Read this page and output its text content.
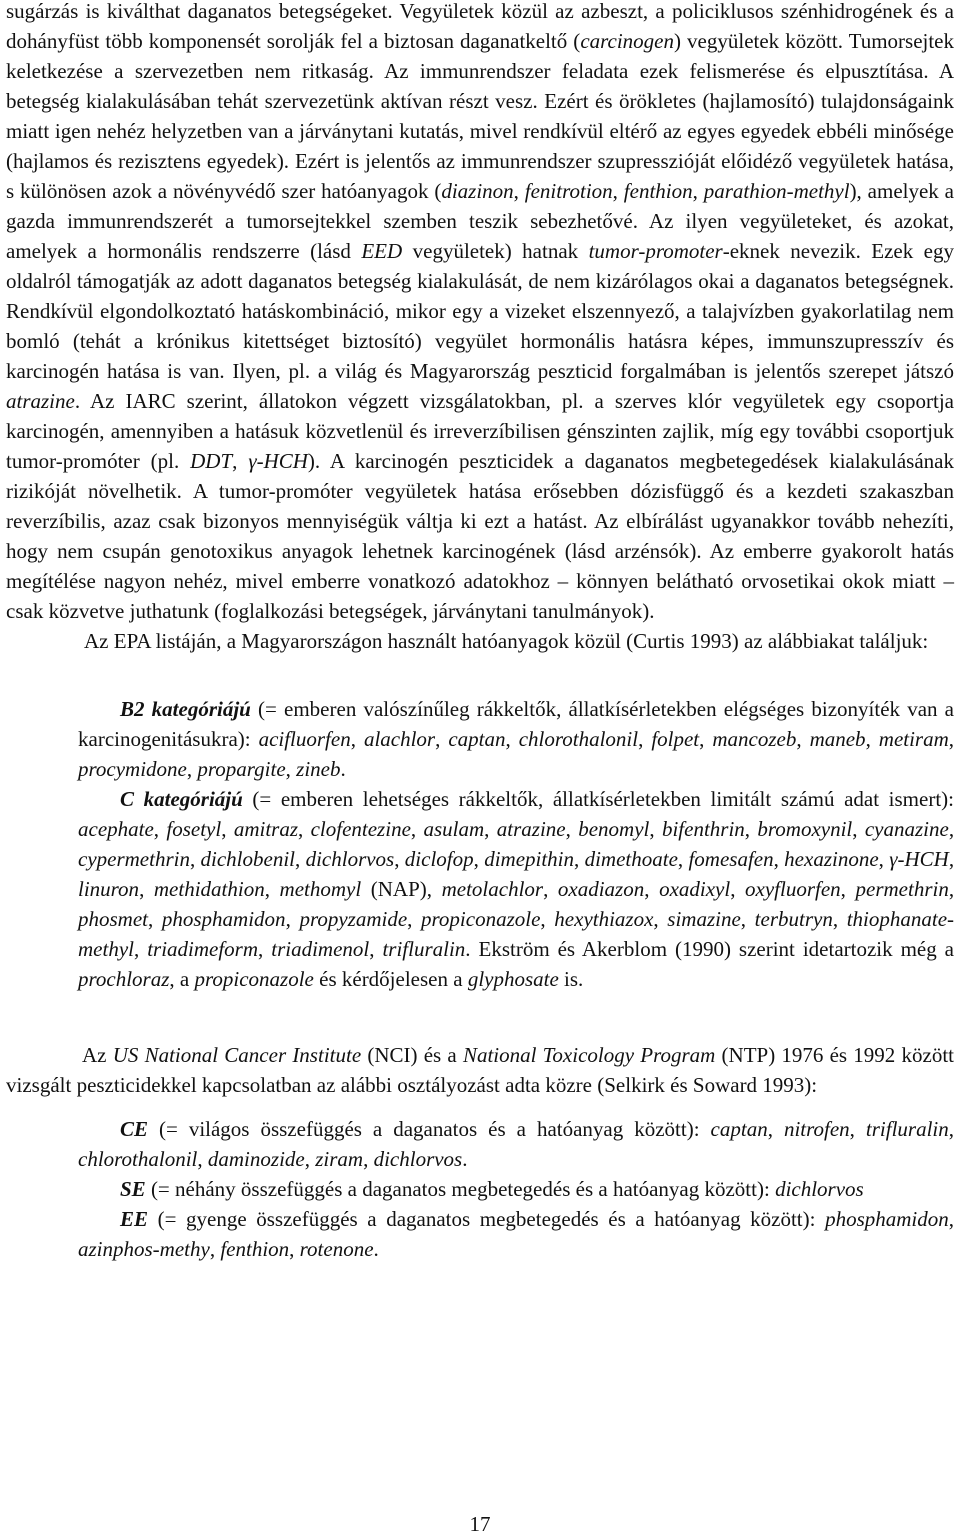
sugárzás is kiválthat daganatos betegségeket. Vegyületek közül az azbeszt, a policiklusos szénhidrogének és a dohányfüst több komponensét sorolják fel a biztosan daganatkeltő (carcinogen) vegyületek között. Tumorsejtek keletkezése a szervezetben nem ritkaság. Az immunrendszer feladata ezek felismerése és elpusztítása. A betegség kialakulásában tehát szervezetünk aktívan részt vesz. Ezért és örökletes (hajlamosító) tulajdonságaink miatt igen nehéz helyzetben van a járványtani kutatás, mivel rendkívül eltérő az egyes egyedek ebbéli minősége (hajlamos és rezisztens egyedek). Ezért is jelentős az immunrendszer szupresszióját előidéző vegyületek hatása, s különösen azok a növényvédő szer hatóanyagok (diazinon, fenitrotion, fenthion, parathion-methyl), amelyek a gazda immunrendszerét a tumorsejtekkel szemben teszik sebezhetővé. Az ilyen vegyületeket, és azokat, amelyek a hormonális rendszerre (lásd EED vegyületek) hatnak tumor-promoter-eknek nevezik. Ezek egy oldalról támogatják az adott daganatos betegség kialakulását, de nem kizárólagos okai a daganatos betegségnek. Rendkívül elgondolkoztató hatáskombináció, mikor egy a vizeket elszennyező, a talajvízben gyakorlatilag nem bomló (tehát a krónikus kitettséget biztosító) vegyület hormonális hatásra képes, immunszupresszív és karcinogén hatása is van. Ilyen, pl. a világ és Magyarország peszticid forgalmában is jelentős szerepet játszó atrazine. Az IARC szerint, állatokon végzett vizsgálatokban, pl. a szerves klór vegyületek egy csoportja karcinogén, amennyiben a hatásuk közvetlenül és irreverzíbilisen génszinten zajlik, míg egy további csoportjuk tumor-promóter (pl. DDT, γ-HCH). A karcinogén peszticidek a daganatos megbetegedések kialakulásának rizikóját növelhetik. A tumor-promóter vegyületek hatása erősebben dózisfüggő és a kezdeti szakaszban reverzíbilis, azaz csak bizonyos mennyiségük váltja ki ezt a hatást. Az elbírálást ugyanakkor tovább nehezíti, hogy nem csupán genotoxikus anyagok lehetnek karcinogének (lásd arzénsók). Az emberre gyakorolt hatás megítélése nagyon nehéz, mivel emberre vonatkozó adatokhoz – könnyen belátható orvosetikai okok miatt – csak közvetve juthatunk (foglalkozási betegségek, járványtani tanulmányok).

Az EPA listáján, a Magyarországon használt hatóanyagok közül (Curtis 1993) az alábbiakat találjuk:

B2 kategóriájú (= emberen valószínűleg rákkeltők, állatkísérletekben elégséges bizonyíték van a karcinogenitásukra): acifluorfen, alachlor, captan, chlorothalonil, folpet, mancozeb, maneb, metiram, procymidone, propargite, zineb.

C kategóriájú (= emberen lehetséges rákkeltők, állatkísérletekben limitált számú adat ismert): acephate, fosetyl, amitraz, clofentezine, asulam, atrazine, benomyl, bifenthrin, bromoxynil, cyanazine, cypermethrin, dichlobenil, dichlorvos, diclofop, dimepithin, dimethoate, fomesafen, hexazinone, γ-HCH, linuron, methidathion, methomyl (NAP), metolachlor, oxadiazon, oxadixyl, oxyfluorfen, permethrin, phosmet, phosphamidon, propyzamide, propiconazole, hexythiazox, simazine, terbutryn, thiophanate-methyl, triadimeform, triadimenol, trifluralin. Ekström és Akerblom (1990) szerint idetartozik még a prochloraz, a propiconazole és kérdőjelesen a glyphosate is.

Az US National Cancer Institute (NCI) és a National Toxicology Program (NTP) 1976 és 1992 között vizsgált peszticidekkel kapcsolatban az alábbi osztályozást adta közre (Selkirk és Soward 1993):

CE (= világos összefüggés a daganatos és a hatóanyag között): captan, nitrofen, trifluralin, chlorothalonil, daminozide, ziram, dichlorvos.

SE (= néhány összefüggés a daganatos megbetegedés és a hatóanyag között): dichlorvos

EE (= gyenge összefüggés a daganatos megbetegedés és a hatóanyag között): phosphamidon, azinphos-methy, fenthion, rotenone.

17
